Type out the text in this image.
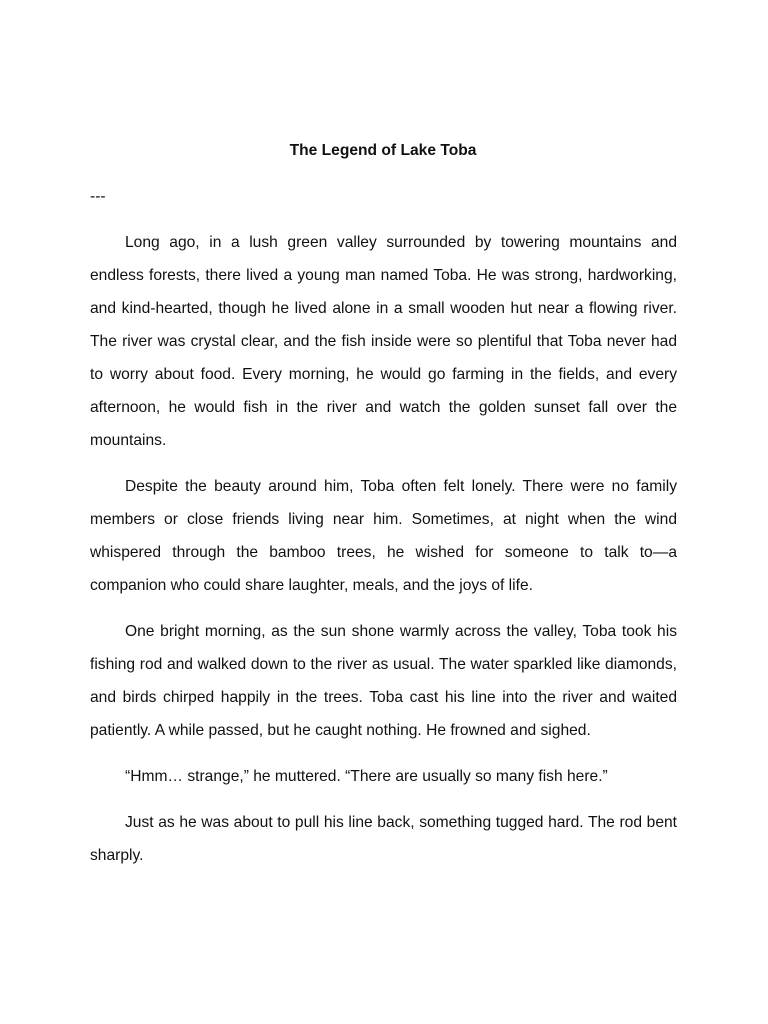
The Legend of Lake Toba

---

Long ago, in a lush green valley surrounded by towering mountains and endless forests, there lived a young man named Toba. He was strong, hardworking, and kind-hearted, though he lived alone in a small wooden hut near a flowing river. The river was crystal clear, and the fish inside were so plentiful that Toba never had to worry about food. Every morning, he would go farming in the fields, and every afternoon, he would fish in the river and watch the golden sunset fall over the mountains.

Despite the beauty around him, Toba often felt lonely. There were no family members or close friends living near him. Sometimes, at night when the wind whispered through the bamboo trees, he wished for someone to talk to—a companion who could share laughter, meals, and the joys of life.

One bright morning, as the sun shone warmly across the valley, Toba took his fishing rod and walked down to the river as usual. The water sparkled like diamonds, and birds chirped happily in the trees. Toba cast his line into the river and waited patiently. A while passed, but he caught nothing. He frowned and sighed.

“Hmm… strange,” he muttered. “There are usually so many fish here.”

Just as he was about to pull his line back, something tugged hard. The rod bent sharply.
